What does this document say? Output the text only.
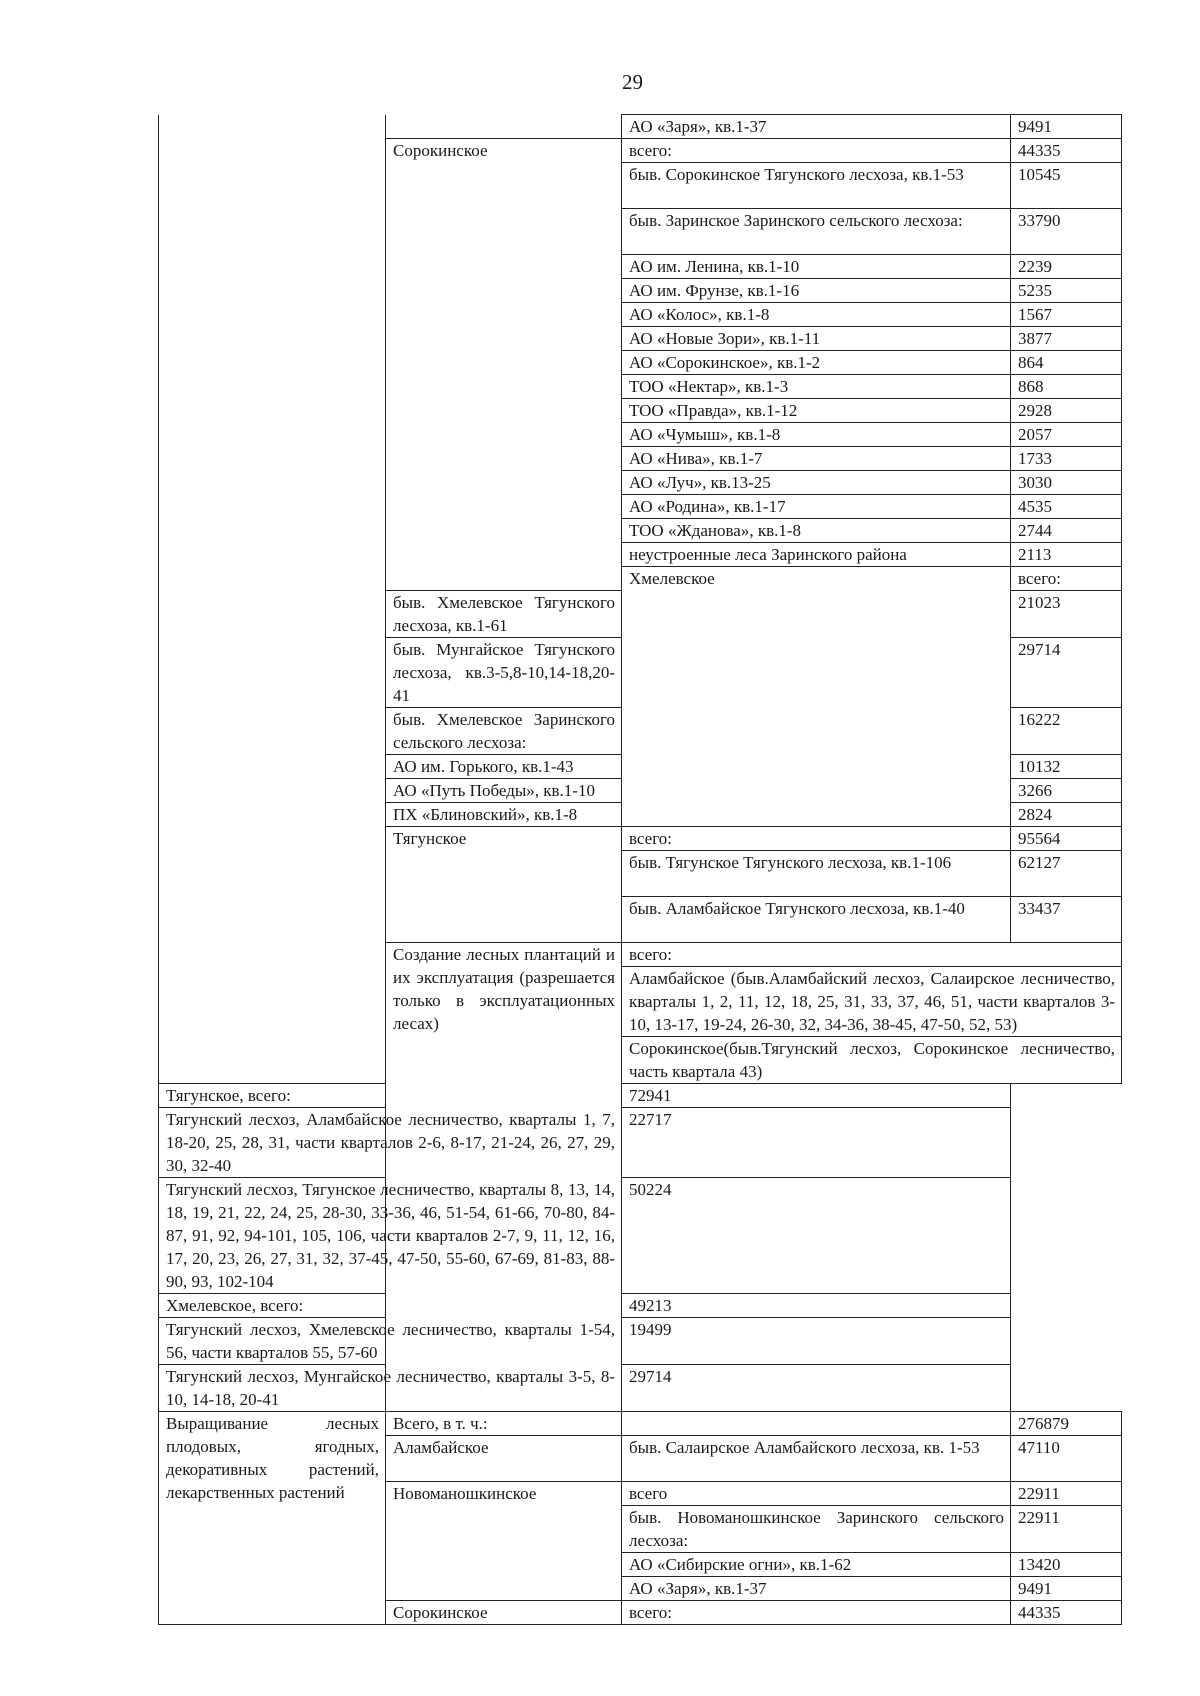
29
		АО «Заря», кв.1-37	9491	
	Сорокинское	всего:	44335	
		быв. Сорокинское Тягунского лесхоза, кв.1-53	10545	
		быв. Заринское Заринского сельского лесхоза:	33790	
		АО им. Ленина, кв.1-10	2239	
		АО им. Фрунзе, кв.1-16	5235	
		АО «Колос», кв.1-8	1567	
		АО «Новые Зори», кв.1-11	3877	
		АО «Сорокинское», кв.1-2	864	
		ТОО «Нектар», кв.1-3	868	
		ТОО «Правда», кв.1-12	2928	
		АО «Чумыш», кв.1-8	2057	
		АО «Нива», кв.1-7	1733	
		АО «Луч», кв.13-25	3030	
		АО «Родина», кв.1-17	4535	
		ТОО «Жданова», кв.1-8	2744	
		неустроенные леса Заринского района	2113	
		Хмелевское	всего:	
	быв. Хмелевское Тягунского лесхоза, кв.1-61		21023	
	быв. Мунгайское Тягунского лесхоза, кв.3-5,8-10,14-18,20-41		29714	
	быв. Хмелевское Заринского сельского лесхоза:		16222	
	АО им. Горького, кв.1-43		10132	
	АО «Путь Победы», кв.1-10		3266	
	ПХ «Блиновский», кв.1-8		2824	
	Тягунское	всего:	95564	
		быв. Тягунское Тягунского лесхоза, кв.1-106	62127	
		быв. Аламбайское Тягунского лесхоза, кв.1-40	33437	
	Создание лесных плантаций и их эксплуатация (разрешается только в эксплуатационных лесах)	всего:	
		Аламбайское (быв.Аламбайский лесхоз, Салаирское лесничество, кварталы 1, 2, 11, 12, 18, 25, 31, 33, 37, 46, 51, части кварталов 3-10, 13-17, 19-24, 26-30, 32, 34-36, 38-45, 47-50, 52, 53)	
		Сорокинское(быв.Тягунский лесхоз, Сорокинское лесничество, часть квартала 43)	
Тягунское, всего:		72941		
Тягунский лесхоз, Аламбайское лесничество, кварталы 1, 7, 18-20, 25, 28, 31, части кварталов 2-6, 8-17, 21-24, 26, 27, 29, 30, 32-40		22717		
Тягунский лесхоз, Тягунское лесничество, кварталы 8, 13, 14, 18, 19, 21, 22, 24, 25, 28-30, 33-36, 46, 51-54, 61-66, 70-80, 84-87, 91, 92, 94-101, 105, 106, части кварталов 2-7, 9, 11, 12, 16, 17, 20, 23, 26, 27, 31, 32, 37-45, 47-50, 55-60, 67-69, 81-83, 88-90, 93, 102-104		50224		
Хмелевское, всего:		49213		
Тягунский лесхоз, Хмелевское лесничество, кварталы 1-54, 56, части кварталов 55, 57-60		19499		
Тягунский лесхоз, Мунгайское лесничество, кварталы 3-5, 8-10, 14-18, 20-41		29714		
Выращивание лесных плодовых, ягодных, декоративных растений, лекарственных растений	Всего, в т. ч.:		276879	
	Аламбайское	быв. Салаирское Аламбайского лесхоза, кв. 1-53	47110	
	Новоманошкинское	всего	22911	
		быв. Новоманошкинское Заринского сельского лесхоза:	22911	
		АО «Сибирские огни», кв.1-62	13420	
		АО «Заря», кв.1-37	9491	
	Сорокинское	всего:	44335	
